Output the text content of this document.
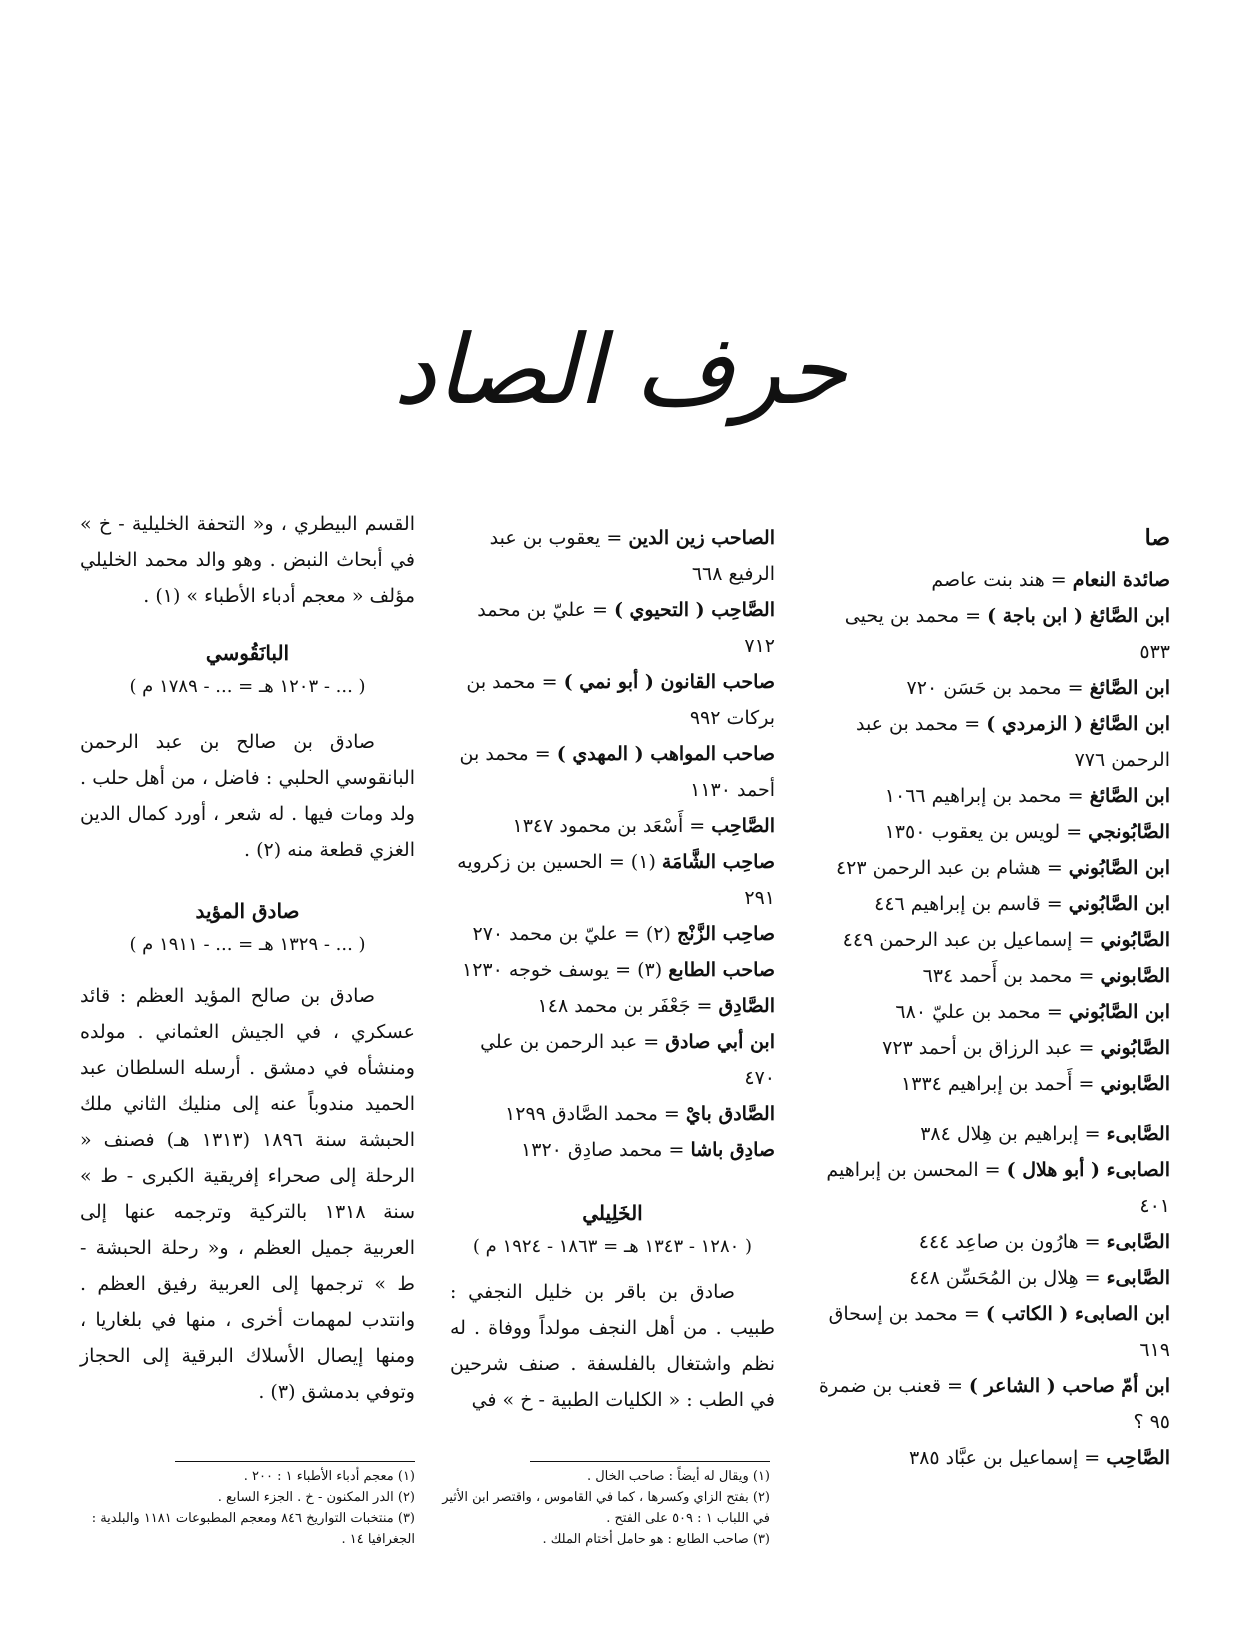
حرف الصاد
صا
صائدة النعام = هند بنت عاصم
ابن الصَّائغ ( ابن باجة ) = محمد بن يحيى ٥٣٣
ابن الصَّائغ = محمد بن حَسَن ٧٢٠
ابن الصَّائغ ( الزمردي ) = محمد بن عبد الرحمن ٧٧٦
ابن الصَّائغ = محمد بن إبراهيم ١٠٦٦
الصَّابُونجي = لويس بن يعقوب ١٣٥٠
ابن الصَّابُوني = هشام بن عبد الرحمن ٤٢٣
ابن الصَّابُوني = قاسم بن إبراهيم ٤٤٦
الصَّابُوني = إسماعيل بن عبد الرحمن ٤٤٩
الصَّابوني = محمد بن أَحمد ٦٣٤
ابن الصَّابُوني = محمد بن عليّ ٦٨٠
الصَّابُوني = عبد الرزاق بن أحمد ٧٢٣
الصَّابوني = أَحمد بن إبراهيم ١٣٣٤
الصَّابىء = إبراهيم بن هِلال ٣٨٤
الصابىء ( أبو هلال ) = المحسن بن إبراهيم ٤٠١
الصَّابىء = هارُون بن صاعِد ٤٤٤
الصَّابىء = هِلال بن المُحَسِّن ٤٤٨
ابن الصابىء ( الكاتب ) = محمد بن إسحاق ٦١٩
ابن أمّ صاحب ( الشاعر ) = قعنب بن ضمرة ٩٥ ؟
الصَّاحِب = إسماعيل بن عبَّاد ٣٨٥
الصاحب زين الدين = يعقوب بن عبد الرفيع ٦٦٨
الصَّاحِب ( التحيوي ) = عليّ بن محمد ٧١٢
صاحب القانون ( أبو نمي ) = محمد بن بركات ٩٩٢
صاحب المواهب ( المهدي ) = محمد بن أحمد ١١٣٠
الصَّاحِب = أَسْعَد بن محمود ١٣٤٧
صاحِب الشَّامَة (١) = الحسين بن زكرويه ٢٩١
صاحِب الزَّنْج (٢) = عليّ بن محمد ٢٧٠
صاحب الطابع (٣) = يوسف خوجه ١٢٣٠
الصَّادِق = جَعْفَر بن محمد ١٤٨
ابن أبي صادق = عبد الرحمن بن علي ٤٧٠
الصَّادق بايْ = محمد الصَّادق ١٢٩٩
صادِق باشا = محمد صادِق ١٣٢٠
الخَلِيلي
( ١٢٨٠ - ١٣٤٣ هـ = ١٨٦٣ - ١٩٢٤ م )
صادق بن باقر بن خليل النجفي : طبيب . من أهل النجف مولداً ووفاة . له نظم واشتغال بالفلسفة . صنف شرحين في الطب : « الكليات الطبية - خ » في
القسم البيطري ، و« التحفة الخليلية - خ » في أبحاث النبض . وهو والد محمد الخليلي مؤلف « معجم أدباء الأطباء » (١) .
البانَقُوسي
( ... - ١٢٠٣ هـ = ... - ١٧٨٩ م )
صادق بن صالح بن عبد الرحمن البانقوسي الحلبي : فاضل ، من أهل حلب . ولد ومات فيها . له شعر ، أورد كمال الدين الغزي قطعة منه (٢) .
صادق المؤيد
( ... - ١٣٢٩ هـ = ... - ١٩١١ م )
صادق بن صالح المؤيد العظم : قائد عسكري ، في الجيش العثماني . مولده ومنشأه في دمشق . أرسله السلطان عبد الحميد مندوباً عنه إلى منليك الثاني ملك الحبشة سنة ١٨٩٦ (١٣١٣ هـ) فصنف « الرحلة إلى صحراء إفريقية الكبرى - ط » سنة ١٣١٨ بالتركية وترجمه عنها إلى العربية جميل العظم ، و« رحلة الحبشة - ط » ترجمها إلى العربية رفيق العظم . وانتدب لمهمات أخرى ، منها في بلغاريا ، ومنها إيصال الأسلاك البرقية إلى الحجاز وتوفي بدمشق (٣) .
(١) ويقال له أيضاً : صاحب الخال .
(٢) بفتح الزاي وكسرها ، كما في القاموس ، واقتصر ابن الأثير في اللباب ١ : ٥٠٩ على الفتح .
(٣) صاحب الطابع : هو حامل أختام الملك .
(١) معجم أدباء الأطباء ١ : ٢٠٠ .
(٢) الدر المكنون - خ . الجزء السابع .
(٣) منتخبات التواريخ ٨٤٦ ومعجم المطبوعات ١١٨١ والبلدية : الجغرافيا ١٤ .
